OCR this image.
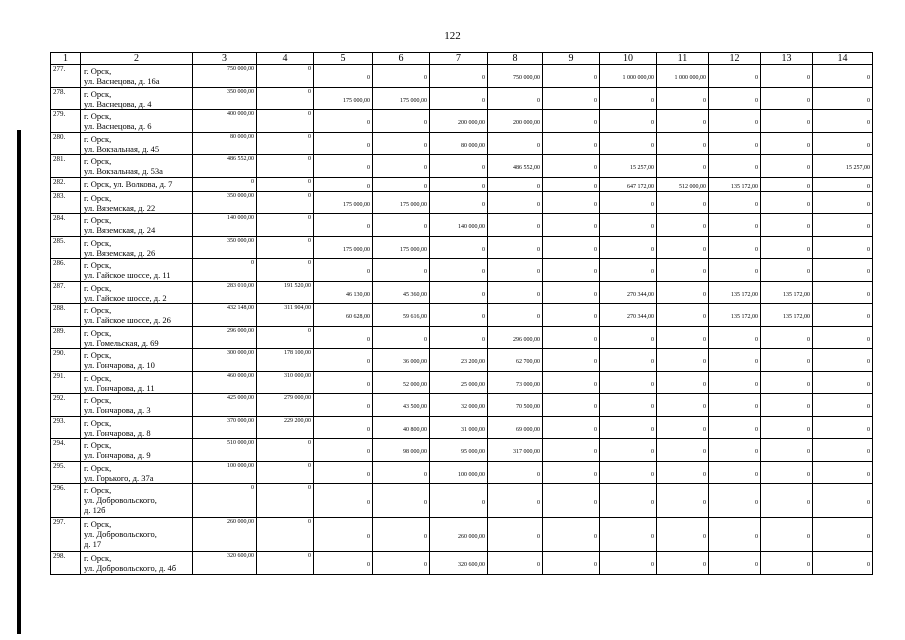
122
1	2	3	4	5	6	7	8	9	10	11	12	13	14
277.	г. Орск,
ул. Васнецова, д. 16а	750 000,00	0	0	0	0	750 000,00	0	1 000 000,00	1 000 000,00	0	0	0
278.	г. Орск,
ул. Васнецова, д. 4	350 000,00	0	175 000,00	175 000,00	0	0	0	0	0	0	0	0
279.	г. Орск,
ул. Васнецова, д. 6	400 000,00	0	0	0	200 000,00	200 000,00	0	0	0	0	0	0
280.	г. Орск,
ул. Вокзальная, д. 45	80 000,00	0	0	0	80 000,00	0	0	0	0	0	0	0
281.	г. Орск,
ул. Вокзальная, д. 53а	486 552,00	0	0	0	0	486 552,00	0	15 257,00	0	0	0	15 257,00
282.	г. Орск, ул. Волкова, д. 7	0	0	0	0	0	0	0	647 172,00	512 000,00	135 172,00	0	0
283.	г. Орск,
ул. Вяземская, д. 22	350 000,00	0	175 000,00	175 000,00	0	0	0	0	0	0	0	0
284.	г. Орск,
ул. Вяземская, д. 24	140 000,00	0	0	0	140 000,00	0	0	0	0	0	0	0
285.	г. Орск,
ул. Вяземская, д. 26	350 000,00	0	175 000,00	175 000,00	0	0	0	0	0	0	0	0
286.	г. Орск,
ул. Гайское шоссе, д. 11	0	0	0	0	0	0	0	0	0	0	0	0
287.	г. Орск,
ул. Гайское шоссе, д. 2	283 010,00	191 520,00	46 130,00	45 360,00	0	0	0	270 344,00	0	135 172,00	135 172,00	0
288.	г. Орск,
ул. Гайское шоссе, д. 26	432 148,00	311 904,00	60 628,00	59 616,00	0	0	0	270 344,00	0	135 172,00	135 172,00	0
289.	г. Орск,
ул. Гомельская, д. 69	296 000,00	0	0	0	0	296 000,00	0	0	0	0	0	0
290.	г. Орск,
ул. Гончарова, д. 10	300 000,00	178 100,00	0	36 000,00	23 200,00	62 700,00	0	0	0	0	0	0
291.	г. Орск,
ул. Гончарова, д. 11	460 000,00	310 000,00	0	52 000,00	25 000,00	73 000,00	0	0	0	0	0	0
292.	г. Орск,
ул. Гончарова, д. 3	425 000,00	279 000,00	0	43 500,00	32 000,00	70 500,00	0	0	0	0	0	0
293.	г. Орск,
ул. Гончарова, д. 8	370 000,00	229 200,00	0	40 800,00	31 000,00	69 000,00	0	0	0	0	0	0
294.	г. Орск,
ул. Гончарова, д. 9	510 000,00	0	0	98 000,00	95 000,00	317 000,00	0	0	0	0	0	0
295.	г. Орск,
ул. Горького, д. 37а	100 000,00	0	0	0	100 000,00	0	0	0	0	0	0	0
296.	г. Орск,
ул. Добровольского,
д. 12б	0	0	0	0	0	0	0	0	0	0	0	0
297.	г. Орск,
ул. Добровольского,
д. 17	260 000,00	0	0	0	260 000,00	0	0	0	0	0	0	0
298.	г. Орск,
ул. Добровольского, д. 4б	320 600,00	0	0	0	320 600,00	0	0	0	0	0	0	0
